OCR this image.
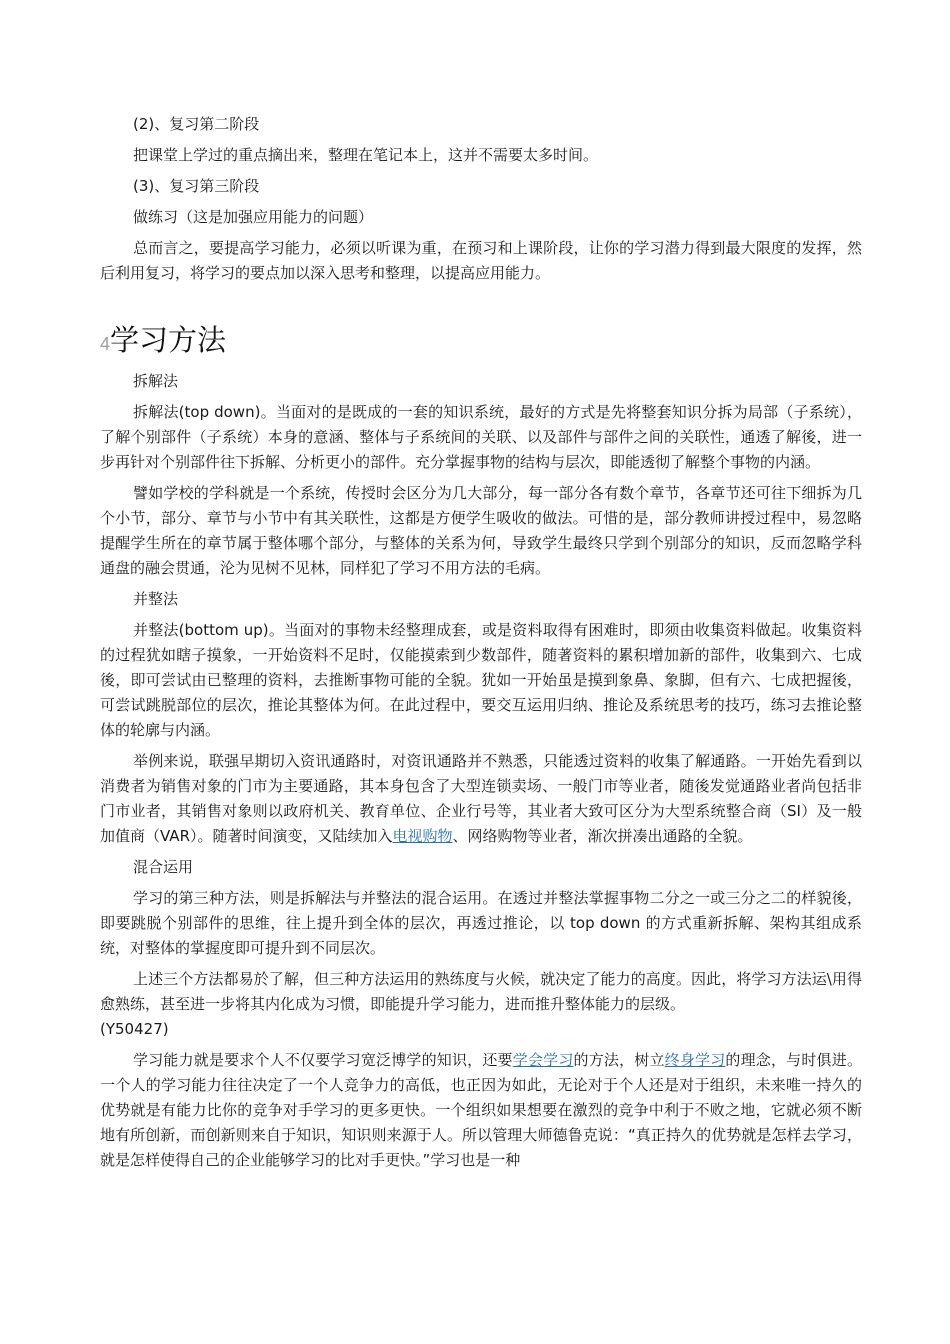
(2)、复习第二阶段

把课堂上学过的重点摘出来，整理在笔记本上，这并不需要太多时间。

(3)、复习第三阶段

做练习（这是加强应用能力的问题）

总而言之，要提高学习能力，必须以听课为重，在预习和上课阶段，让你的学习潜力得到最大限度的发挥，然后利用复习，将学习的要点加以深入思考和整理，以提高应用能力。

4学习方法

拆解法

拆解法(top down)。当面对的是既成的一套的知识系统，最好的方式是先将整套知识分拆为局部（子系统），了解个别部件（子系统）本身的意涵、整体与子系统间的关联、以及部件与部件之间的关联性，通透了解後，进一步再针对个别部件往下拆解、分析更小的部件。充分掌握事物的结构与层次，即能透彻了解整个事物的内涵。

譬如学校的学科就是一个系统，传授时会区分为几大部分，每一部分各有数个章节，各章节还可往下细拆为几个小节，部分、章节与小节中有其关联性，这都是方便学生吸收的做法。可惜的是，部分教师讲授过程中，易忽略提醒学生所在的章节属于整体哪个部分，与整体的关系为何，导致学生最终只学到个别部分的知识，反而忽略学科通盘的融会贯通，沦为见树不见林，同样犯了学习不用方法的毛病。

并整法

并整法(bottom up)。当面对的事物未经整理成套，或是资料取得有困难时，即须由收集资料做起。收集资料的过程犹如瞎子摸象，一开始资料不足时，仅能摸索到少数部件，随著资料的累积增加新的部件，收集到六、七成後，即可尝试由已整理的资料，去推断事物可能的全貌。犹如一开始虽是摸到象鼻、象脚，但有六、七成把握後，可尝试跳脱部位的层次，推论其整体为何。在此过程中，要交互运用归纳、推论及系统思考的技巧，练习去推论整体的轮廓与内涵。

举例来说，联强早期切入资讯通路时，对资讯通路并不熟悉，只能透过资料的收集了解通路。一开始先看到以消费者为销售对象的门市为主要通路，其本身包含了大型连锁卖场、一般门市等业者，随後发觉通路业者尚包括非门市业者，其销售对象则以政府机关、教育单位、企业行号等，其业者大致可区分为大型系统整合商（SI）及一般加值商（VAR）。随著时间演变，又陆续加入电视购物、网络购物等业者，渐次拼凑出通路的全貌。

混合运用

学习的第三种方法，则是拆解法与并整法的混合运用。在透过并整法掌握事物二分之一或三分之二的样貌後，即要跳脱个别部件的思维，往上提升到全体的层次，再透过推论，以 top down 的方式重新拆解、架构其组成系统，对整体的掌握度即可提升到不同层次。

上述三个方法都易於了解，但三种方法运用的熟练度与火候，就决定了能力的高度。因此，将学习方法运\用得愈熟练，甚至进一步将其内化成为习惯，即能提升学习能力，进而推升整体能力的层级。

(Y50427)

学习能力就是要求个人不仅要学习宽泛博学的知识，还要学会学习的方法，树立终身学习的理念，与时俱进。一个人的学习能力往往决定了一个人竞争力的高低，也正因为如此，无论对于个人还是对于组织，未来唯一持久的优势就是有能力比你的竞争对手学习的更多更快。一个组织如果想要在激烈的竞争中利于不败之地，它就必须不断地有所创新，而创新则来自于知识，知识则来源于人。所以管理大师德鲁克说：“真正持久的优势就是怎样去学习，就是怎样使得自己的企业能够学习的比对手更快。”学习也是一种
